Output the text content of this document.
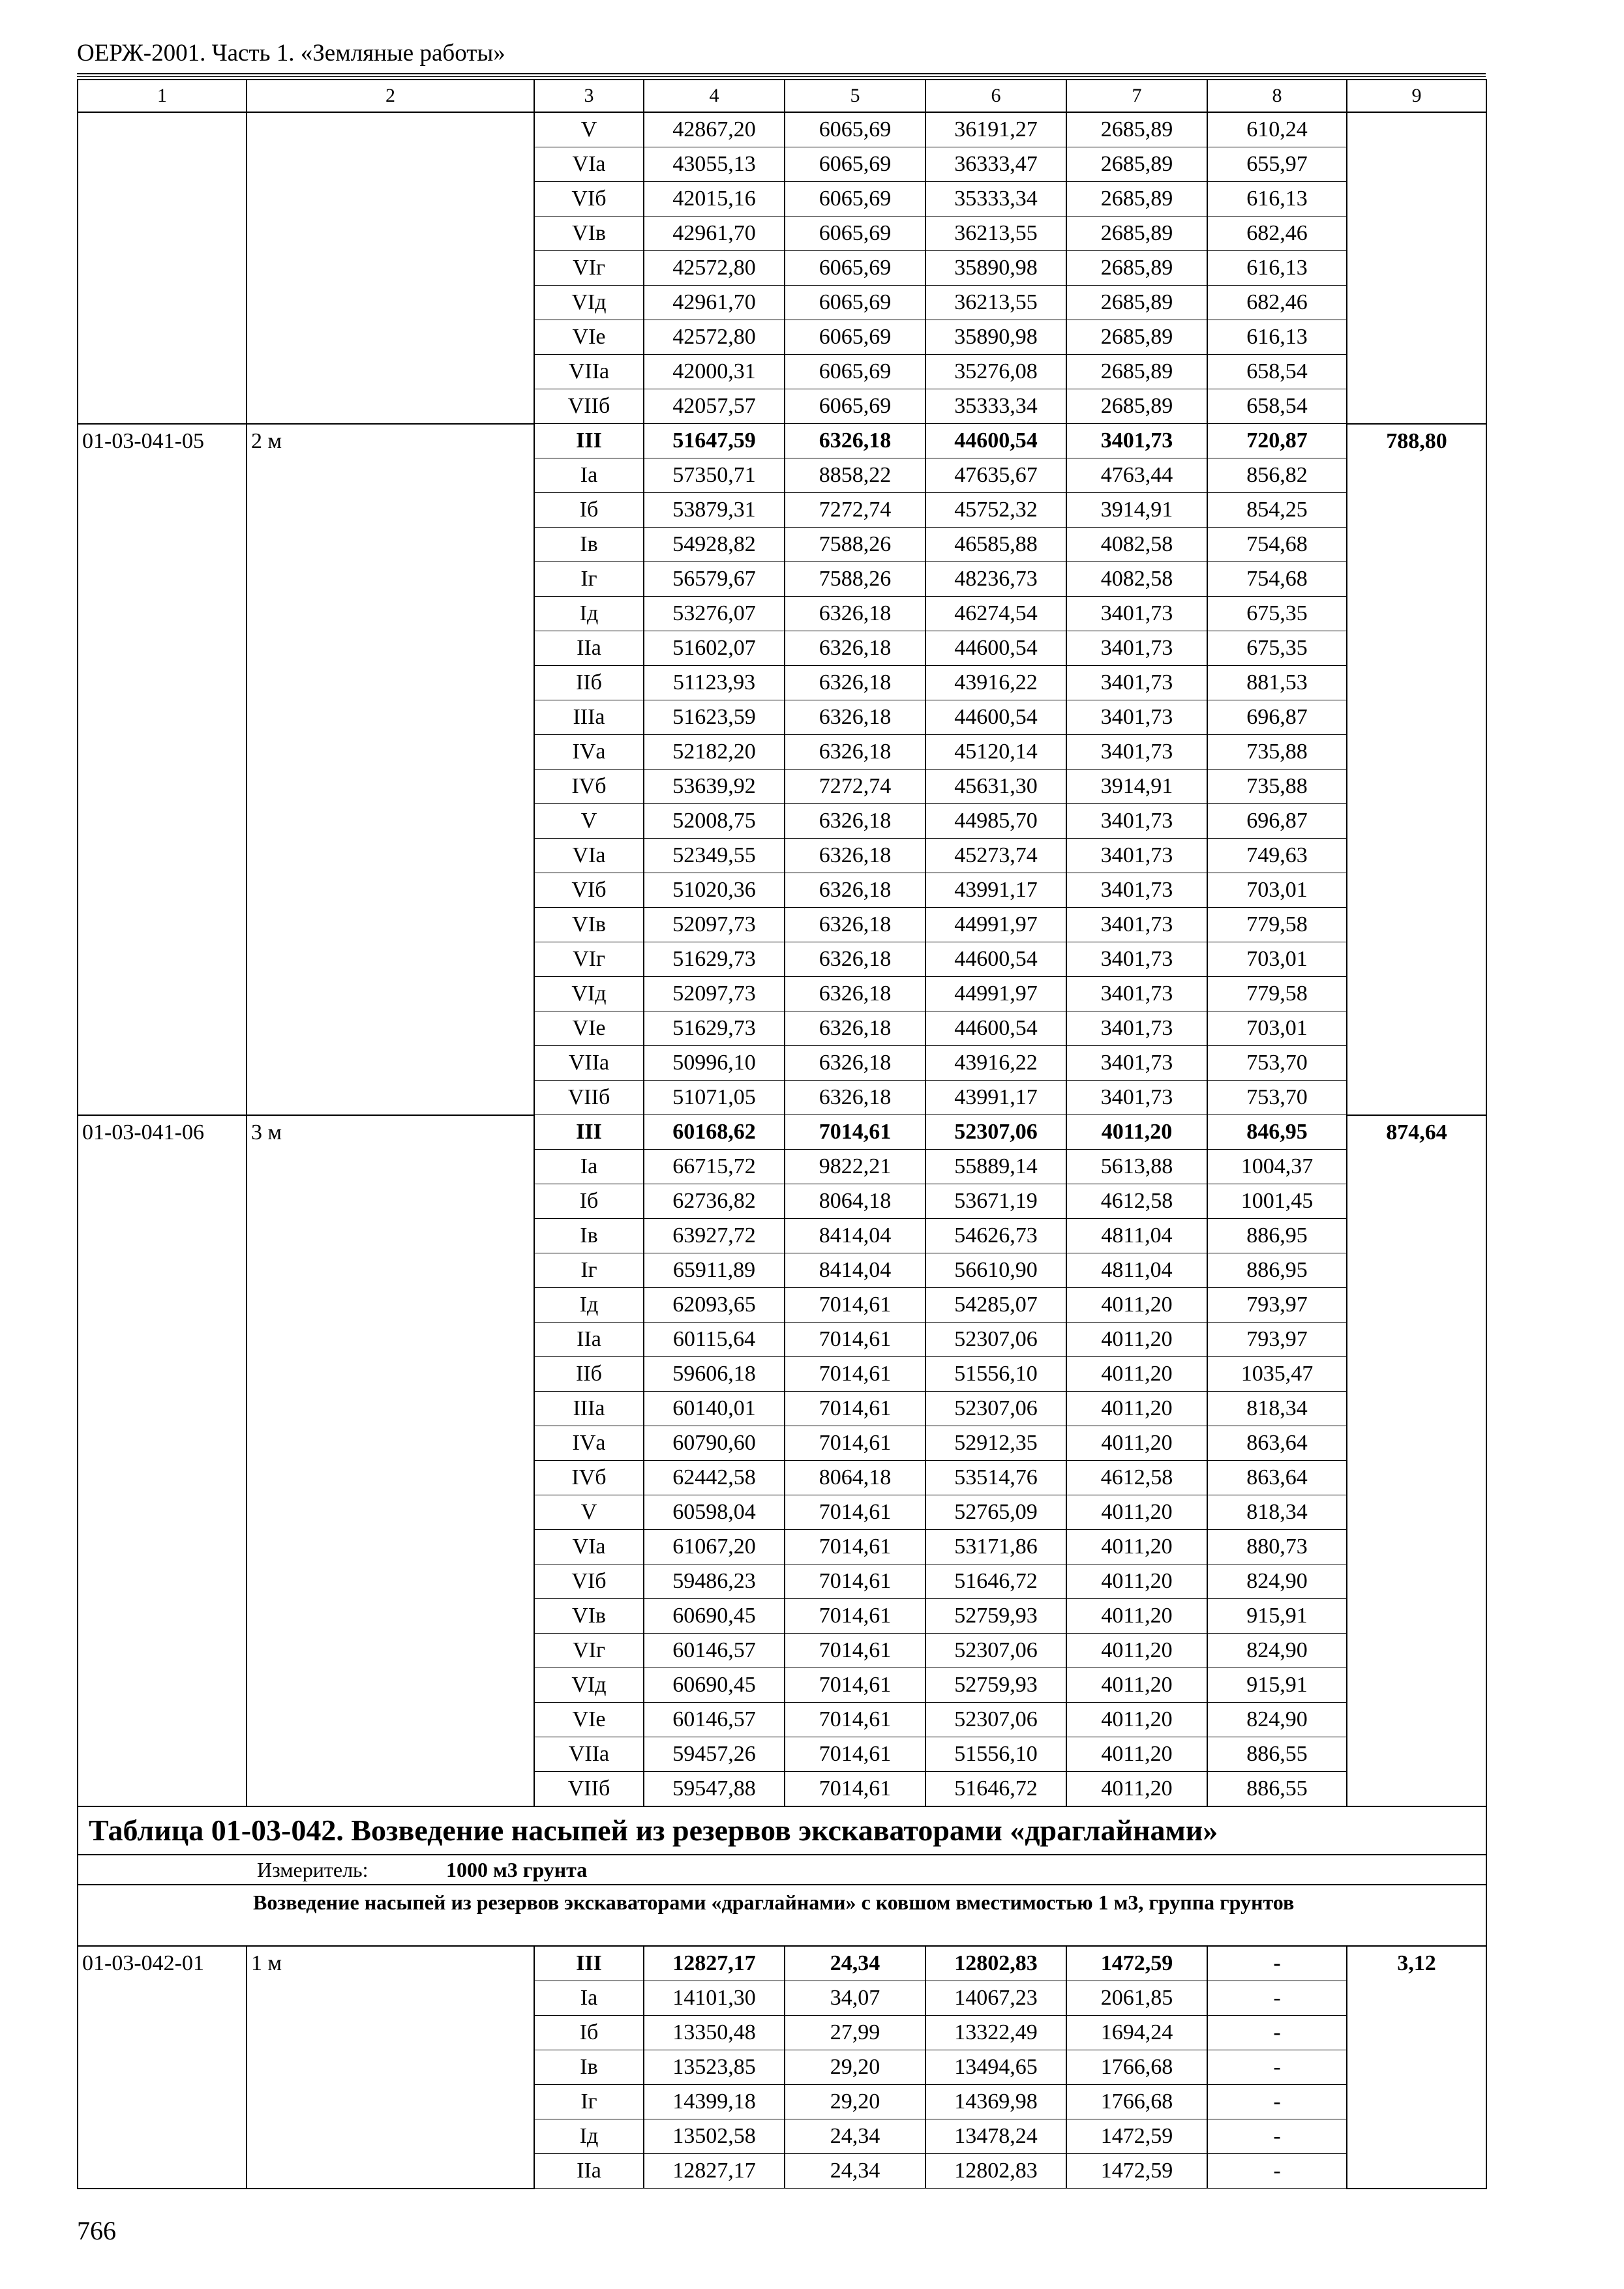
ОЕРЖ-2001. Часть 1. «Земляные работы»
1	2	3	4	5	6	7	8	9
		V	42867,20	6065,69	36191,27	2685,89	610,24	
		VIа	43055,13	6065,69	36333,47	2685,89	655,97	
		VIб	42015,16	6065,69	35333,34	2685,89	616,13	
		VIв	42961,70	6065,69	36213,55	2685,89	682,46	
		VIг	42572,80	6065,69	35890,98	2685,89	616,13	
		VIд	42961,70	6065,69	36213,55	2685,89	682,46	
		VIе	42572,80	6065,69	35890,98	2685,89	616,13	
		VIIа	42000,31	6065,69	35276,08	2685,89	658,54	
		VIIб	42057,57	6065,69	35333,34	2685,89	658,54	
01-03-041-05	2 м	III	51647,59	6326,18	44600,54	3401,73	720,87	788,80
		Iа	57350,71	8858,22	47635,67	4763,44	856,82	
		Iб	53879,31	7272,74	45752,32	3914,91	854,25	
		Iв	54928,82	7588,26	46585,88	4082,58	754,68	
		Iг	56579,67	7588,26	48236,73	4082,58	754,68	
		Iд	53276,07	6326,18	46274,54	3401,73	675,35	
		IIа	51602,07	6326,18	44600,54	3401,73	675,35	
		IIб	51123,93	6326,18	43916,22	3401,73	881,53	
		IIIа	51623,59	6326,18	44600,54	3401,73	696,87	
		IVа	52182,20	6326,18	45120,14	3401,73	735,88	
		IVб	53639,92	7272,74	45631,30	3914,91	735,88	
		V	52008,75	6326,18	44985,70	3401,73	696,87	
		VIа	52349,55	6326,18	45273,74	3401,73	749,63	
		VIб	51020,36	6326,18	43991,17	3401,73	703,01	
		VIв	52097,73	6326,18	44991,97	3401,73	779,58	
		VIг	51629,73	6326,18	44600,54	3401,73	703,01	
		VIд	52097,73	6326,18	44991,97	3401,73	779,58	
		VIе	51629,73	6326,18	44600,54	3401,73	703,01	
		VIIа	50996,10	6326,18	43916,22	3401,73	753,70	
		VIIб	51071,05	6326,18	43991,17	3401,73	753,70	
01-03-041-06	3 м	III	60168,62	7014,61	52307,06	4011,20	846,95	874,64
		Iа	66715,72	9822,21	55889,14	5613,88	1004,37	
		Iб	62736,82	8064,18	53671,19	4612,58	1001,45	
		Iв	63927,72	8414,04	54626,73	4811,04	886,95	
		Iг	65911,89	8414,04	56610,90	4811,04	886,95	
		Iд	62093,65	7014,61	54285,07	4011,20	793,97	
		IIа	60115,64	7014,61	52307,06	4011,20	793,97	
		IIб	59606,18	7014,61	51556,10	4011,20	1035,47	
		IIIа	60140,01	7014,61	52307,06	4011,20	818,34	
		IVа	60790,60	7014,61	52912,35	4011,20	863,64	
		IVб	62442,58	8064,18	53514,76	4612,58	863,64	
		V	60598,04	7014,61	52765,09	4011,20	818,34	
		VIа	61067,20	7014,61	53171,86	4011,20	880,73	
		VIб	59486,23	7014,61	51646,72	4011,20	824,90	
		VIв	60690,45	7014,61	52759,93	4011,20	915,91	
		VIг	60146,57	7014,61	52307,06	4011,20	824,90	
		VIд	60690,45	7014,61	52759,93	4011,20	915,91	
		VIе	60146,57	7014,61	52307,06	4011,20	824,90	
		VIIа	59457,26	7014,61	51556,10	4011,20	886,55	
		VIIб	59547,88	7014,61	51646,72	4011,20	886,55	
Таблица 01-03-042. Возведение насыпей из резервов экскаваторами «драглайнами»								
Измеритель: 1000 м3 грунта								
Возведение насыпей из резервов экскаваторами «драглайнами» с ковшом вместимостью 1 м3, группа грунтов								
01-03-042-01	1 м	III	12827,17	24,34	12802,83	1472,59	-	3,12
		Iа	14101,30	34,07	14067,23	2061,85	-	
		Iб	13350,48	27,99	13322,49	1694,24	-	
		Iв	13523,85	29,20	13494,65	1766,68	-	
		Iг	14399,18	29,20	14369,98	1766,68	-	
		Iд	13502,58	24,34	13478,24	1472,59	-	
		IIа	12827,17	24,34	12802,83	1472,59	-	
766
